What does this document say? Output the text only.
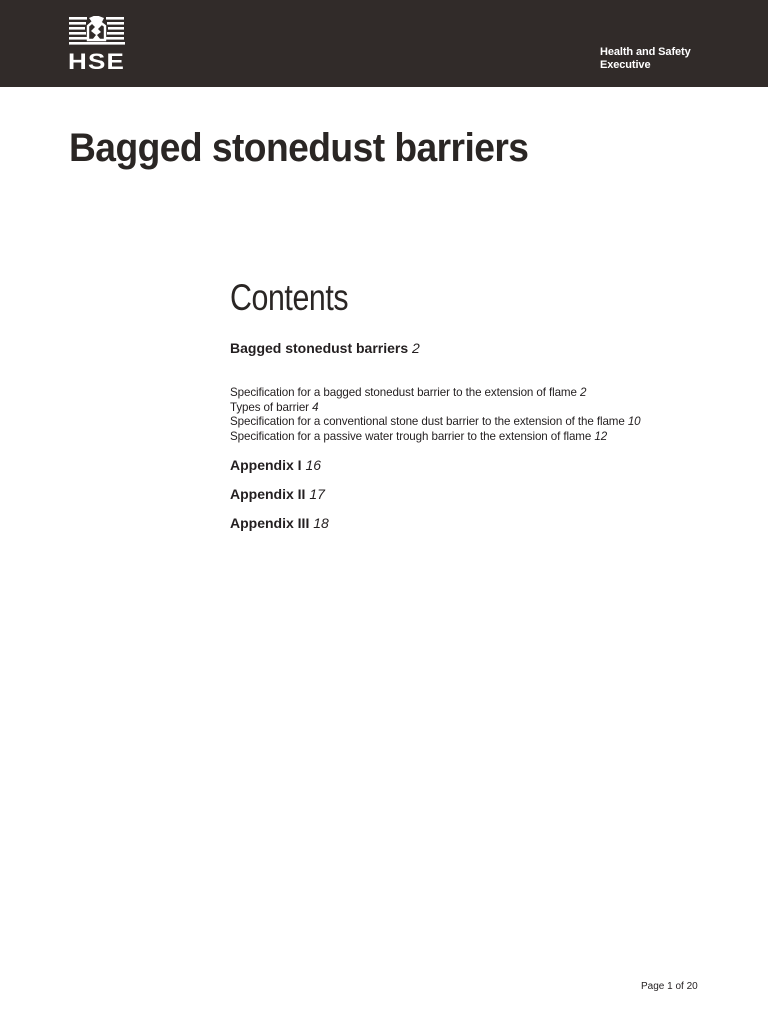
HSE	Health and Safety
Executive
Bagged stonedust barriers
Contents
Bagged stonedust barriers 2
Specification for a bagged stonedust barrier to the extension of flame 2
Types of barrier 4
Specification for a conventional stone dust barrier to the extension of the flame 10
Specification for a passive water trough barrier to the extension of flame 12
Appendix I 16
Appendix II 17
Appendix III 18
Page 1 of 20
